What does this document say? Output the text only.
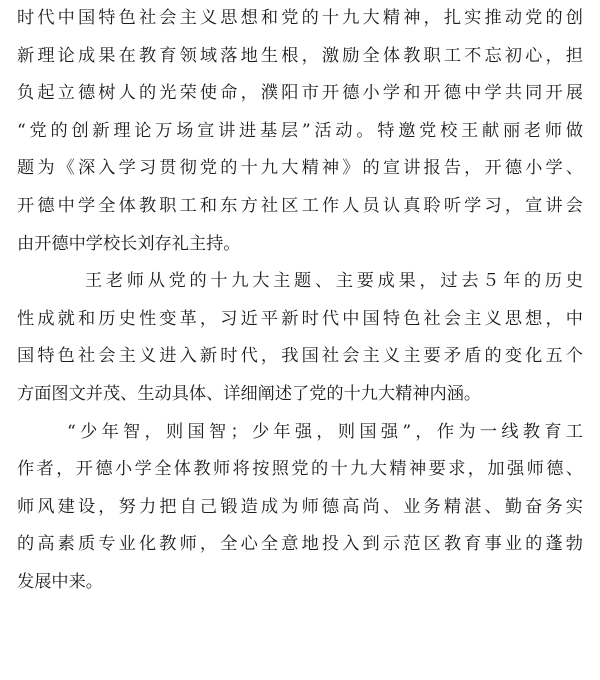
时代中国特色社会主义思想和党的十九大精神，扎实推动党的创
新理论成果在教育领域落地生根，激励全体教职工不忘初心，担
负起立德树人的光荣使命，濮阳市开德小学和开德中学共同开展
“党的创新理论万场宣讲进基层”活动。特邀党校王献丽老师做
题为《深入学习贯彻党的十九大精神》的宣讲报告，开德小学、
开德中学全体教职工和东方社区工作人员认真聆听学习，宣讲会
由开德中学校长刘存礼主持。
王老师从党的十九大主题、主要成果，过去５年的历史
性成就和历史性变革，习近平新时代中国特色社会主义思想，中
国特色社会主义进入新时代，我国社会主义主要矛盾的变化五个
方面图文并茂、生动具体、详细阐述了党的十九大精神内涵。
“少年智，则国智；少年强，则国强”，作为一线教育工
作者，开德小学全体教师将按照党的十九大精神要求，加强师德、
师风建设，努力把自己锻造成为师德高尚、业务精湛、勤奋务实
的高素质专业化教师，全心全意地投入到示范区教育事业的蓬勃
发展中来。
